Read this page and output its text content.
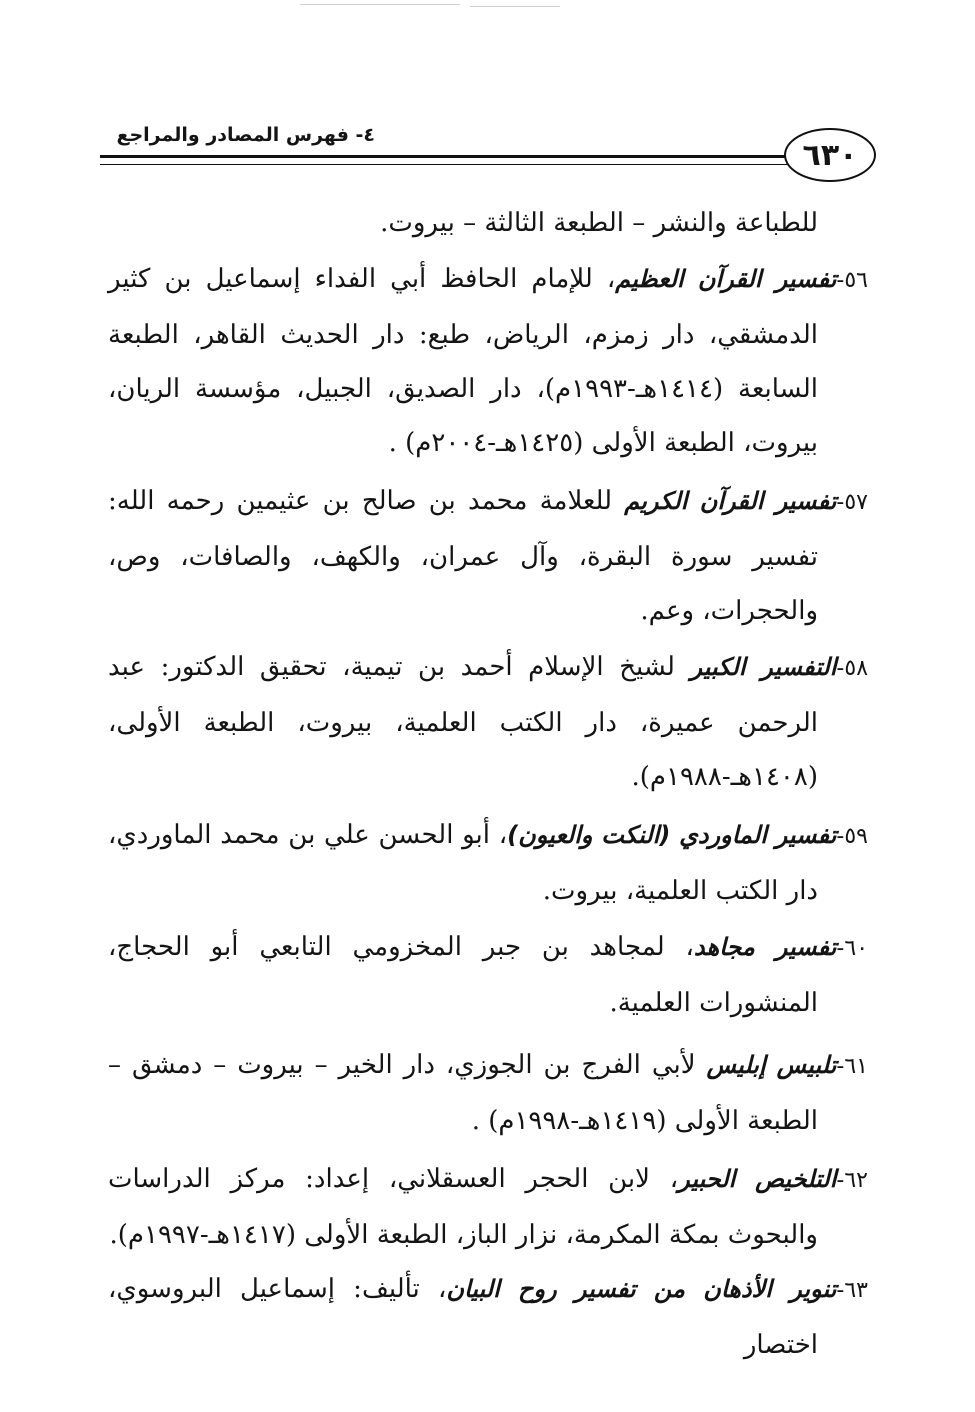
٦٣٠
٤- فهرس المصادر والمراجع
للطباعة والنشر – الطبعة الثالثة – بيروت.

٥٦-تفسير القرآن العظيم، للإمام الحافظ أبي الفداء إسماعيل بن كثير الدمشقي، دار زمزم، الرياض، طبع: دار الحديث القاهر، الطبعة السابعة (١٤١٤هـ-١٩٩٣م)، دار الصديق، الجبيل، مؤسسة الريان، بيروت، الطبعة الأولى (١٤٢٥هـ-٢٠٠٤م) .

٥٧-تفسير القرآن الكريم للعلامة محمد بن صالح بن عثيمين رحمه الله: تفسير سورة البقرة، وآل عمران، والكهف، والصافات، وص، والحجرات، وعم.

٥٨-التفسير الكبير لشيخ الإسلام أحمد بن تيمية، تحقيق الدكتور: عبد الرحمن عميرة، دار الكتب العلمية، بيروت، الطبعة الأولى، (١٤٠٨هـ-١٩٨٨م).

٥٩-تفسير الماوردي (النكت والعيون)، أبو الحسن علي بن محمد الماوردي، دار الكتب العلمية، بيروت.

٦٠-تفسير مجاهد، لمجاهد بن جبر المخزومي التابعي أبو الحجاج، المنشورات العلمية.

٦١-تلبيس إبليس لأبي الفرج بن الجوزي، دار الخير – بيروت – دمشق – الطبعة الأولى (١٤١٩هـ-١٩٩٨م) .

٦٢-التلخيص الحبير، لابن الحجر العسقلاني، إعداد: مركز الدراسات والبحوث بمكة المكرمة، نزار الباز، الطبعة الأولى (١٤١٧هـ-١٩٩٧م).

٦٣-تنوير الأذهان من تفسير روح البيان، تأليف: إسماعيل البروسوي، اختصار
